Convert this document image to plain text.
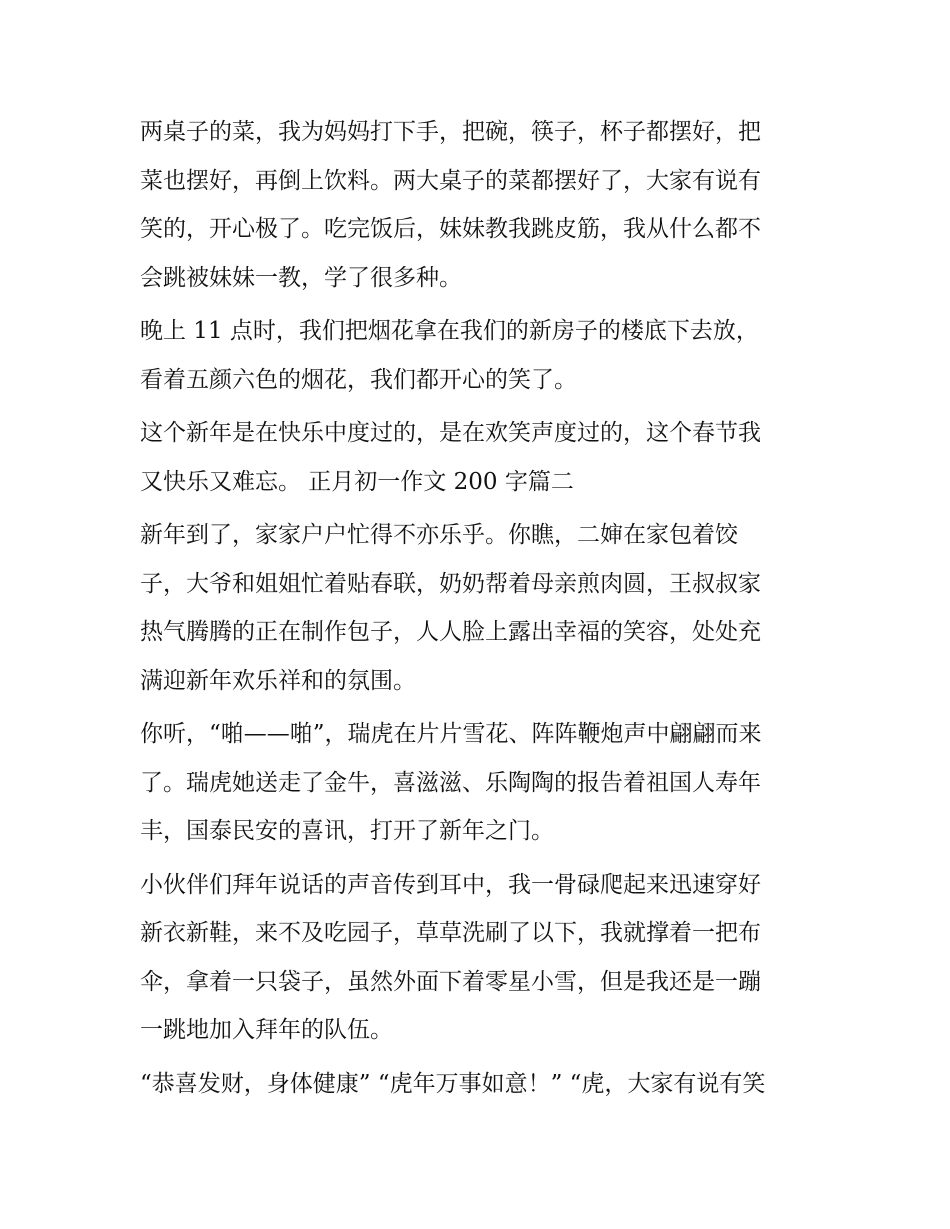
两桌子的菜，我为妈妈打下手，把碗，筷子，杯子都摆好，把
菜也摆好，再倒上饮料。两大桌子的菜都摆好了，大家有说有
笑的，开心极了。吃完饭后，妹妹教我跳皮筋，我从什么都不
会跳被妹妹一教，学了很多种。
晚上 11 点时，我们把烟花拿在我们的新房子的楼底下去放，
看着五颜六色的烟花，我们都开心的笑了。
这个新年是在快乐中度过的，是在欢笑声度过的，这个春节我
又快乐又难忘。 正月初一作文 200 字篇二
新年到了，家家户户忙得不亦乐乎。你瞧，二婶在家包着饺
子，大爷和姐姐忙着贴春联，奶奶帮着母亲煎肉圆，王叔叔家
热气腾腾的正在制作包子，人人脸上露出幸福的笑容，处处充
满迎新年欢乐祥和的氛围。
你听，“啪——啪”，瑞虎在片片雪花、阵阵鞭炮声中翩翩而来
了。瑞虎她送走了金牛，喜滋滋、乐陶陶的报告着祖国人寿年
丰，国泰民安的喜讯，打开了新年之门。
小伙伴们拜年说话的声音传到耳中，我一骨碌爬起来迅速穿好
新衣新鞋，来不及吃园子，草草洗刷了以下，我就撑着一把布
伞，拿着一只袋子，虽然外面下着零星小雪，但是我还是一蹦
一跳地加入拜年的队伍。
“恭喜发财，身体健康” “虎年万事如意！” “虎，大家有说有笑
